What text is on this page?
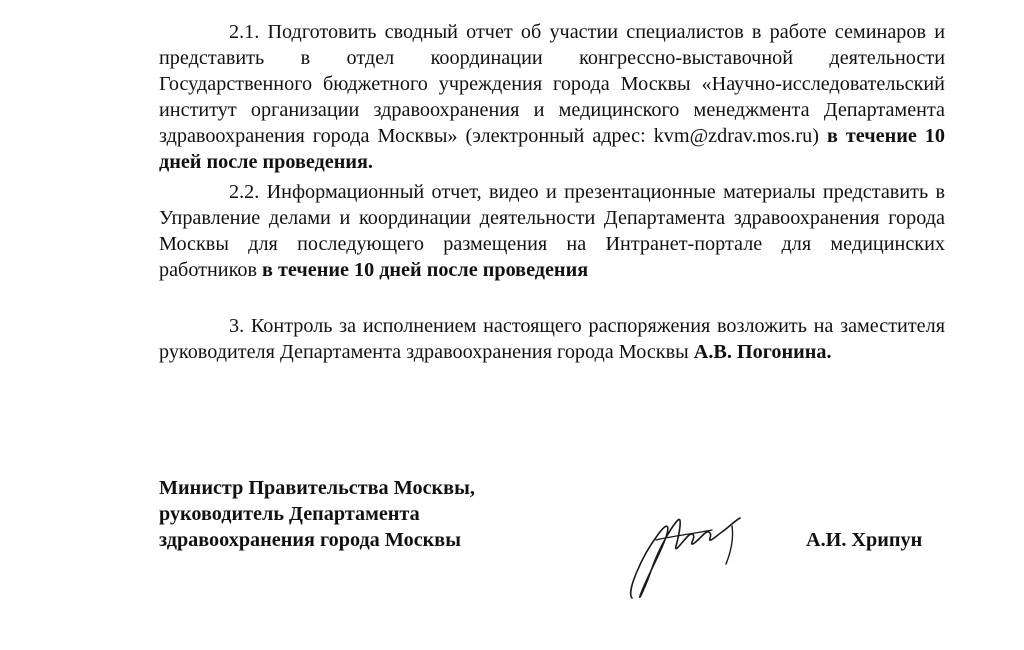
2.1. Подготовить сводный отчет об участии специалистов в работе семинаров и представить в отдел координации конгрессно-выставочной деятельности Государственного бюджетного учреждения города Москвы «Научно-исследовательский институт организации здравоохранения и медицинского менеджмента Департамента здравоохранения города Москвы» (электронный адрес: kvm@zdrav.mos.ru) в течение 10 дней после проведения.

2.2. Информационный отчет, видео и презентационные материалы представить в Управление делами и координации деятельности Департамента здравоохранения города Москвы для последующего размещения на Интранет-портале для медицинских работников в течение 10 дней после проведения

3. Контроль за исполнением настоящего распоряжения возложить на заместителя руководителя Департамента здравоохранения города Москвы А.В. Погонина.

Министр Правительства Москвы,
руководитель Департамента
здравоохранения города Москвы	А.И. Хрипун
